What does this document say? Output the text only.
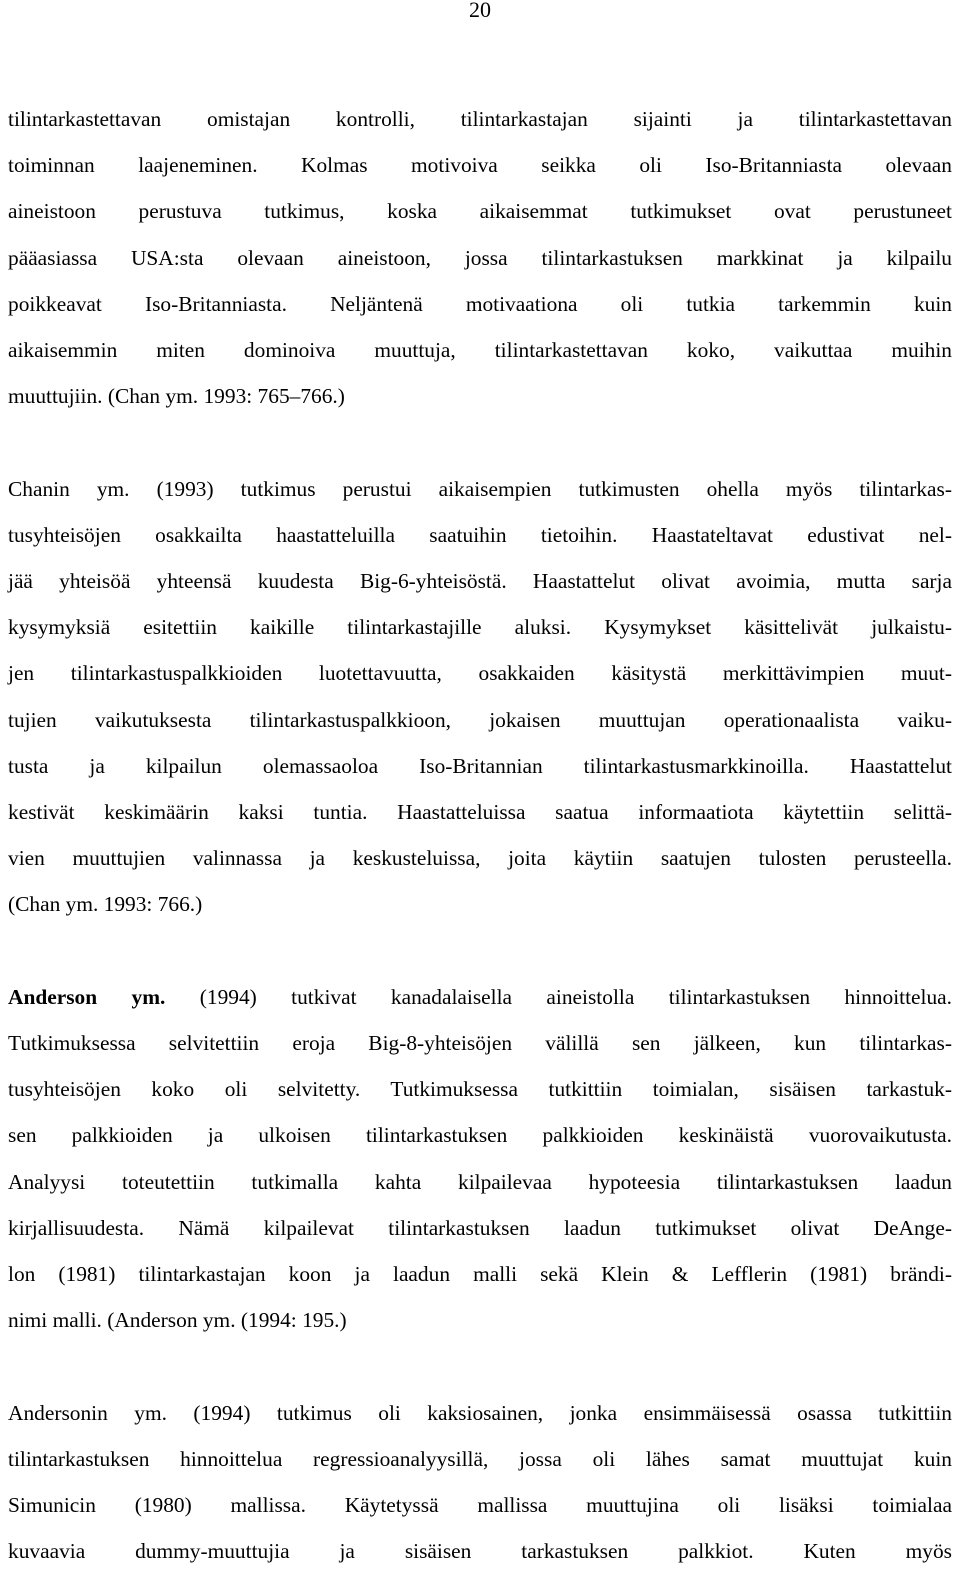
20

tilintarkastettavan omistajan kontrolli, tilintarkastajan sijainti ja tilintarkastettavan
toiminnan laajeneminen. Kolmas motivoiva seikka oli Iso-Britanniasta olevaan
aineistoon perustuva tutkimus, koska aikaisemmat tutkimukset ovat perustuneet
pääasiassa USA:sta olevaan aineistoon, jossa tilintarkastuksen markkinat ja kilpailu
poikkeavat Iso-Britanniasta. Neljäntenä motivaationa oli tutkia tarkemmin kuin
aikaisemmin miten dominoiva muuttuja, tilintarkastettavan koko, vaikuttaa muihin
muuttujiin. (Chan ym. 1993: 765–766.)

Chanin ym. (1993) tutkimus perustui aikaisempien tutkimusten ohella myös tilintarkas-
tusyhteisöjen osakkailta haastatteluilla saatuihin tietoihin. Haastateltavat edustivat nel-
jää yhteisöä yhteensä kuudesta Big-6-yhteisöstä. Haastattelut olivat avoimia, mutta sarja
kysymyksiä esitettiin kaikille tilintarkastajille aluksi. Kysymykset käsittelivät julkaistu-
jen tilintarkastuspalkkioiden luotettavuutta, osakkaiden käsitystä merkittävimpien muut-
tujien vaikutuksesta tilintarkastuspalkkioon, jokaisen muuttujan operationaalista vaiku-
tusta ja kilpailun olemassaoloa Iso-Britannian tilintarkastusmarkkinoilla. Haastattelut
kestivät keskimäärin kaksi tuntia. Haastatteluissa saatua informaatiota käytettiin selittä-
vien muuttujien valinnassa ja keskusteluissa, joita käytiin saatujen tulosten perusteella.
(Chan ym. 1993: 766.)

Anderson ym. (1994) tutkivat kanadalaisella aineistolla tilintarkastuksen hinnoittelua.
Tutkimuksessa selvitettiin eroja Big-8-yhteisöjen välillä sen jälkeen, kun tilintarkas-
tusyhteisöjen koko oli selvitetty. Tutkimuksessa tutkittiin toimialan, sisäisen tarkastuk-
sen palkkioiden ja ulkoisen tilintarkastuksen palkkioiden keskinäistä vuorovaikutusta.
Analyysi toteutettiin tutkimalla kahta kilpailevaa hypoteesia tilintarkastuksen laadun
kirjallisuudesta. Nämä kilpailevat tilintarkastuksen laadun tutkimukset olivat DeAnge-
lon (1981) tilintarkastajan koon ja laadun malli sekä Klein & Lefflerin (1981) brändi-
nimi malli. (Anderson ym. (1994: 195.)

Andersonin ym. (1994) tutkimus oli kaksiosainen, jonka ensimmäisessä osassa tutkittiin
tilintarkastuksen hinnoittelua regressioanalyysillä, jossa oli lähes samat muuttujat kuin
Simunicin (1980) mallissa. Käytetyssä mallissa muuttujina oli lisäksi toimialaa
kuvaavia dummy-muuttujia ja sisäisen tarkastuksen palkkiot. Kuten myös
